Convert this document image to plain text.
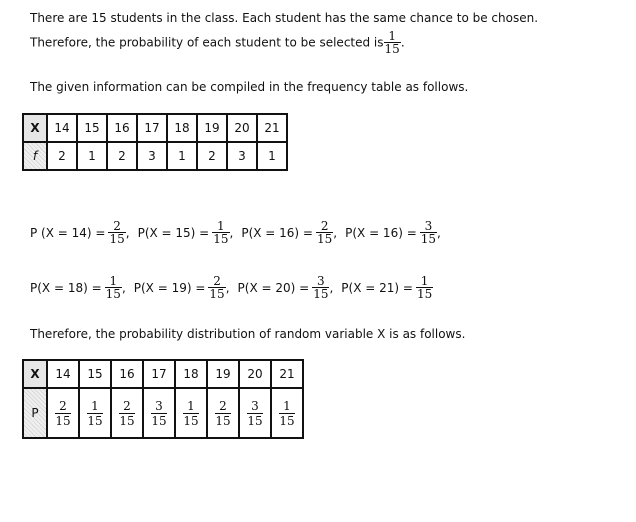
There are 15 students in the class. Each student has the same chance to be chosen.
Therefore, the probability of each student to be selected is $\frac{1}{15}$ .
The given information can be compiled in the frequency table as follows.
X	14	15	16	17	18	19	20	21
f	2	1	2	3	1	2	3	1
P $(X = 14) = \frac{2}{15}$ , $P(X = 15) = \frac{1}{15}$ , $P(X = 16) = \frac{2}{15}$ , $P(X = 16) = \frac{3}{15}$ ,
$P(X = 18) = \frac{1}{15}$ , $P(X = 19) = \frac{2}{15}$ , $P(X = 20) = \frac{3}{15}$ , $P(X = 21) = \frac{1}{15}$
Therefore, the probability distribution of random variable X is as follows.
X	14	15	16	17	18	19	20	21
P	$\frac{2}{15}$	$\frac{1}{15}$	$\frac{2}{15}$	$\frac{3}{15}$	$\frac{1}{15}$	$\frac{2}{15}$	$\frac{3}{15}$	$\frac{1}{15}$
